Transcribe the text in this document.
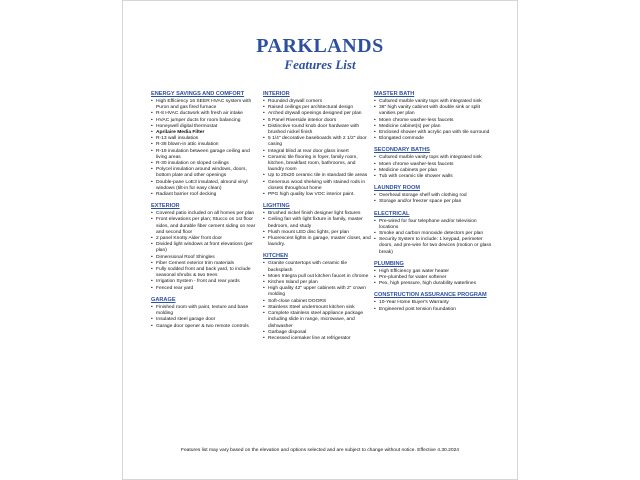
PARKLANDS
Features List
ENERGY SAVINGS AND COMFORT
• High Efficiency 16 SEER HVAC system with Puron and gas fired furnace
• R-8 HVAC ductwork with fresh air intake
• HVAC jumper ducts for room balancing
• Honeywell digital thermostat
• Aprilaire Media Filter
• R-13 wall insulation
• R-38 blown-in attic insulation
• R-19 insulation between garage ceiling and living areas
• R-30 insulation on sloped ceilings
• Polycel insulation around windows, doors, bottom plate and other openings
• Double-pane LoE3 insulated, almond vinyl windows (tilt-in for easy clean)
• Radiant barrier roof decking
EXTERIOR
• Covered patio included on all homes per plan
• Front elevations per plan; Stucco on 1st floor sides, and durable fiber cement siding on rear and second floor
• 2 panel Knotty Alder front door
• Divided light windows at front elevations (per plan)
• Dimensional Roof Shingles
• Fiber Cement exterior trim materials
• Fully sodded front and back yard, to include seasonal shrubs & two trees
• Irrigation System - front and rear yards
• Fenced rear yard
GARAGE
• Finished room with paint, texture and base molding
• Insulated steel garage door
• Garage door opener & two remote controls
INTERIOR
• Rounded drywall corners
• Raised ceilings per architectural design
• Arched drywall openings designed per plan
• 5 Panel Riverside interior doors
• Distinctive round knob door hardware with brushed nickel finish
• 5 1/4" decorative baseboards with 2 1/2" door casing
• Integral blind at rear door glass insert
• Ceramic tile flooring in foyer, family room, kitchen, breakfast room, bathrooms, and laundry room
• Up to 20x20 ceramic tile in standard tile areas
• Generous wood shelving with stained rods in closets throughout home
• PPG high quality low VOC interior paint.
LIGHTING
• Brushed nickel finish designer light fixtures
• Ceiling fan with light fixture in family, master bedroom, and study
• Flush mount LED disc lights, per plan
• Fluorescent lights in garage, master closet, and laundry.
KITCHEN
• Granite countertops with ceramic tile backsplash
• Moen Integra pull out kitchen faucet in chrome
• Kitchen Island per plan
• High quality 42" upper cabinets with 2" crown molding
• Soft-close cabinet DOORS
• Stainless Steel undermount kitchen sink
• Complete stainless steel appliance package including slide in range, microwave, and dishwasher
• Garbage disposal
• Recessed icemaker line at refrigerator
MASTER BATH
• Cultured marble vanity tops with integrated sink
• 36" high vanity cabinet with double sink or split vanities per plan
• Moen chrome washer-less faucets
• Medicine cabinet(s) per plan
• Enclosed shower with acrylic pan with tile surround
• Elongated commode
SECONDARY BATHS
• Cultured marble vanity tops with integrated sink
• Moen chrome washer-less faucets
• Medicine cabinets per plan
• Tub with ceramic tile shower walls
LAUNDRY ROOM
• Overhead storage shelf with clothing rod
• Storage and/or freezer space per plan
ELECTRICAL
• Pre-wired for four telephone and/or television locations
• Smoke and carbon monoxide detectors per plan
• Security System to include: 1 keypad, perimeter doors, and pre-wire for two devices (motion or glass break)
PLUMBING
• High Efficiency gas water heater
• Pre-plumbed for water softener
• Pex, high pressure, high durability waterlines
CONSTRUCTION ASSURANCE PROGRAM
• 10-Year Home Buyer's Warranty
• Engineered post tension foundation
Features list may vary based on the elevation and options selected and are subject to change without notice. Effective 4.30.2024
